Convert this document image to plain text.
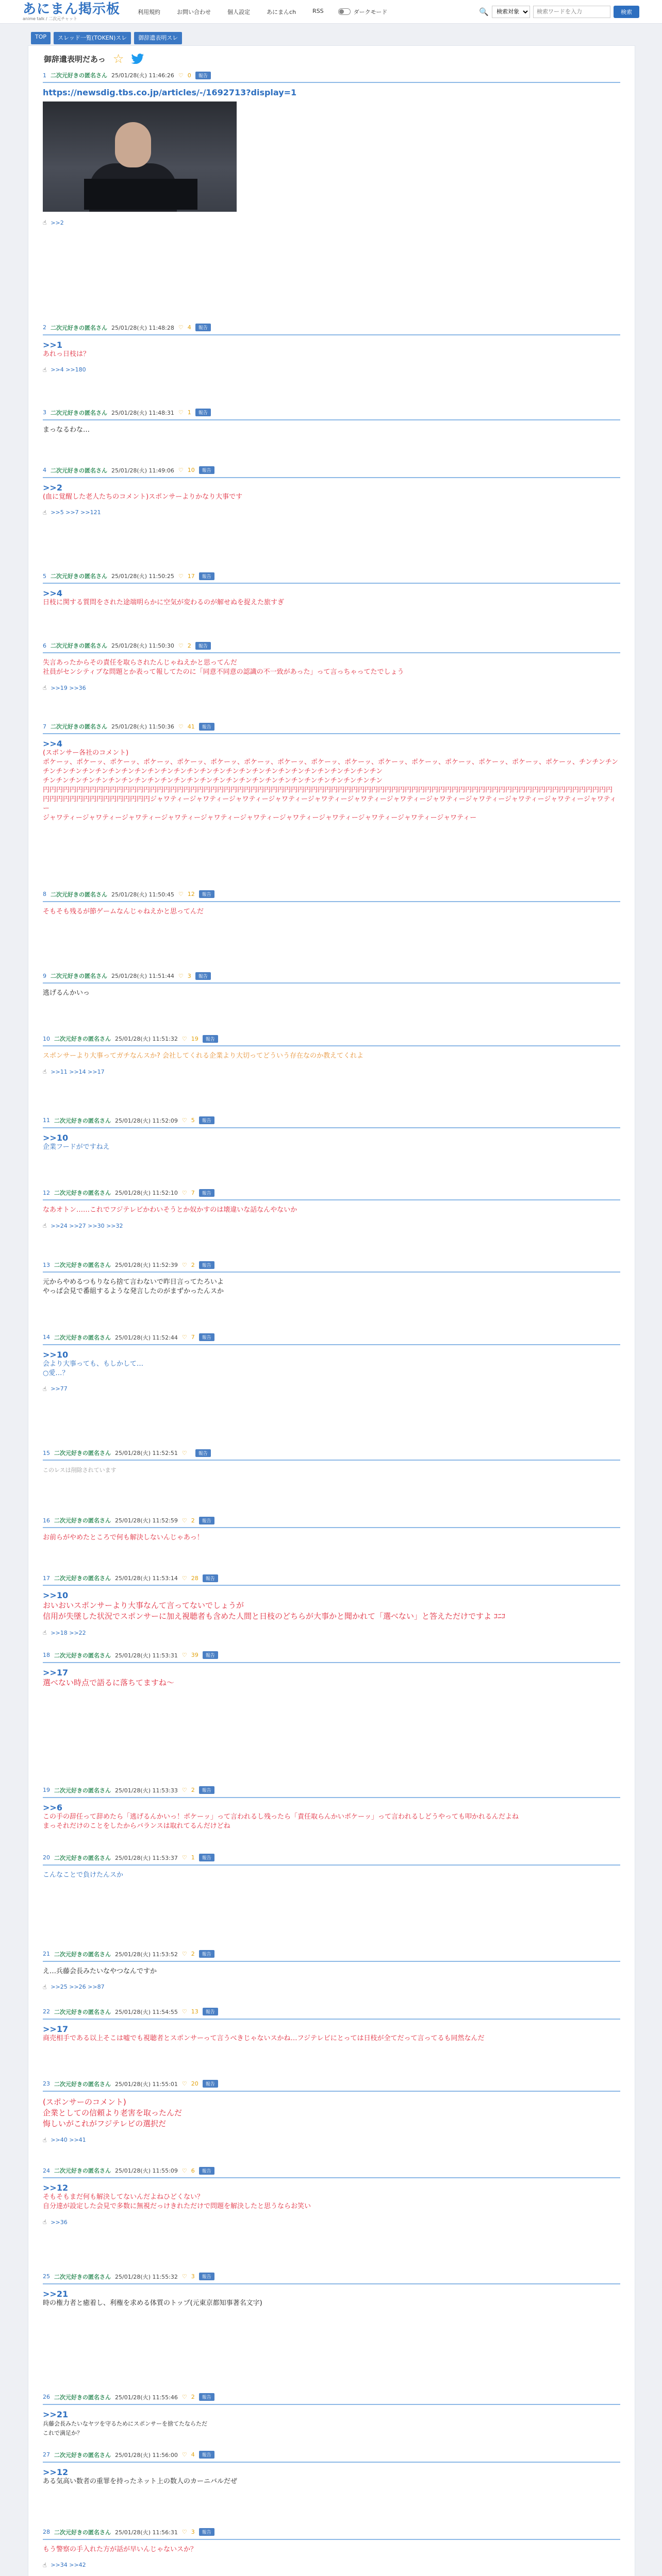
あにまん掲示板
anime talk / 二次元チャット
利用規約	お問い合わせ	個人設定	あにまんch	RSS	ダークモード	🔍
検索対象
検索ワードを入力	検索
TOP	スレッド一覧(TOKEN)スレ	御辞遺表明スレ
御辞遺表明だあっ ☆
1 二次元好きの匿名さん 25/01/28(火) 11:46:26 ♡ 0	報告
https://newsdig.tbs.co.jp/articles/-/1692713?display=1
☝ >>2
2 二次元好きの匿名さん 25/01/28(火) 11:48:28 ♡ 4	報告
>>1
あれっ日枝は？
☝ >>4 >>180
3 二次元好きの匿名さん 25/01/28(火) 11:48:31 ♡ 1	報告
まっなるわな…
4 二次元好きの匿名さん 25/01/28(火) 11:49:06 ♡ 10	報告
>>2
(血に覚醒した老人たちのコメント)スポンサーよりかなり大事です
☝ >>5 >>7 >>121
5 二次元好きの匿名さん 25/01/28(火) 11:50:25 ♡ 17	報告
>>4
日枝に関する質問をされた途端明らかに空気が変わるのが解せぬを捉えた旅すぎ
6 二次元好きの匿名さん 25/01/28(火) 11:50:30 ♡ 2	報告
失言あったからその責任を取らされたんじゃねえかと思ってんだ
社員がセンシティブな問題とか表って報してたのに「同意不同意の認識の不一致があった」って言っちゃってたでしょう
☝ >>19 >>36
7 二次元好きの匿名さん 25/01/28(火) 11:50:36 ♡ 41	報告
>>4
(スポンサー各社のコメント)
ポケーッ、ポケーッ、ポケーッ、ポケーッ、ポケーッ、ポケーッ、ポケーッ、ポケーッ、ポケーッ、ポケーッ、ポケーッ、ポケーッ、ポケーッ、ポケーッ、ポケーッ、ポケーッ、チンチンチンチンチンチンチンチンチンチンチンチンチンチンチンチンチンチンチンチンチンチンチンチンチンチンチンチンチン
チンチンチンチンチンチンチンチンチンチンチンチンチンチンチンチンチンチンチンチンチンチンチンチンチンチン
円円円円円円円円円円円円円円円円円円円円円円円円円円円円円円円円円円円円円円円円円円円円円円円円円円円円円円円円円円円円円円円円円円円円円円円円円円円円円円円円円円円円円
円円円円円円円円円円円円円円円円ジャワティージャワティージャワティージャワティージャワティージャワティージャワティージャワティージャワティージャワティージャワティージャワティー
ジャワティージャワティージャワティージャワティージャワティージャワティージャワティージャワティージャワティージャワティージャワティー
8 二次元好きの匿名さん 25/01/28(火) 11:50:45 ♡ 12	報告
そもそも残るが節ゲームなんじゃねえかと思ってんだ
9 二次元好きの匿名さん 25/01/28(火) 11:51:44 ♡ 3	報告
逃げるんかいっ
10 二次元好きの匿名さん 25/01/28(火) 11:51:32 ♡ 19	報告
スポンサーより大事ってガチなんスか? 会社してくれる企業より大切ってどういう存在なのか教えてくれよ
☝ >>11 >>14 >>17
11 二次元好きの匿名さん 25/01/28(火) 11:52:09 ♡ 5	報告
>>10
企業フードがですねえ
12 二次元好きの匿名さん 25/01/28(火) 11:52:10 ♡ 7	報告
なあオトン……これでフジテレビかわいそうとか奴かすのは壊違いな話なんやないか
☝ >>24 >>27 >>30 >>32
13 二次元好きの匿名さん 25/01/28(火) 11:52:39 ♡ 2	報告
元からやめるつもりなら捨て言わないで昨日言ってたろいよ
やっぱ会見で番組するような発言したのがまずかったんスか
14 二次元好きの匿名さん 25/01/28(火) 11:52:44 ♡ 7	報告
>>10
会より大事っても、もしかして…
○愛…？
☝ >>77
15 二次元好きの匿名さん 25/01/28(火) 11:52:51 ♡	報告
このレスは削除されています
16 二次元好きの匿名さん 25/01/28(火) 11:52:59 ♡ 2	報告
お前らがやめたところで何も解決しないんじゃあっ！
17 二次元好きの匿名さん 25/01/28(火) 11:53:14 ♡ 28	報告
>>10
おいおいスポンサーより大事なんて言ってないでしょうが
信用が失墜した状況でスポンサーに加え視聴者も含めた人間と日枝のどちらが大事かと聞かれて「選べない」と答えただけですよ ｺﾆｺ
☝ >>18 >>22
18 二次元好きの匿名さん 25/01/28(火) 11:53:31 ♡ 39	報告
>>17
選べない時点で語るに落ちてますね〜
19 二次元好きの匿名さん 25/01/28(火) 11:53:33 ♡ 2	報告
>>6
この手の辞任って辞めたら「逃げるんかいっ！ポケーッ」って言われるし残ったら「責任取らんかいポケーッ」って言われるしどうやっても叩かれるんだよね
まっそれだけのことをしたからバランスは取れてるんだけどね
20 二次元好きの匿名さん 25/01/28(火) 11:53:37 ♡ 1	報告
こんなことで負けたんスか
21 二次元好きの匿名さん 25/01/28(火) 11:53:52 ♡ 2	報告
え…兵藤会長みたいなやつなんですか
☝ >>25 >>26 >>87
22 二次元好きの匿名さん 25/01/28(火) 11:54:55 ♡ 13	報告
>>17
商売相手である以上そこは嘘でも視聴者とスポンサーって言うべきじゃないスかね…フジテレビにとっては日枝が全てだって言ってるも同然なんだ
23 二次元好きの匿名さん 25/01/28(火) 11:55:01 ♡ 20	報告
(スポンサーのコメント)
企業としての信頼より老害を取ったんだ
悔しいがこれがフジテレビの選択だ
☝ >>40 >>41
24 二次元好きの匿名さん 25/01/28(火) 11:55:09 ♡ 6	報告
>>12
そもそもまだ何も解決してないんだよねひどくない？
自分達が設定した会見で多数に無視だっけきれただけで問題を解決したと思うならお笑い
☝ >>36
25 二次元好きの匿名さん 25/01/28(火) 11:55:32 ♡ 3	報告
>>21
時の権力者と癒着し、利権を求める体質のトップ(元東京都知事著名文字)
26 二次元好きの匿名さん 25/01/28(火) 11:55:46 ♡ 2	報告
>>21
兵藤会長みたいなヤツを守るためにスポンサーを捨てたならただ
これで満足か？
27 二次元好きの匿名さん 25/01/28(火) 11:56:00 ♡ 4	報告
>>12
ある気高い数者の重罪を持ったネット上の数人のカーニバルだぜ
28 二次元好きの匿名さん 25/01/28(火) 11:56:31 ♡ 3	報告
もう警察の手入れた方が話が早いんじゃないスか？
☝ >>34 >>42
